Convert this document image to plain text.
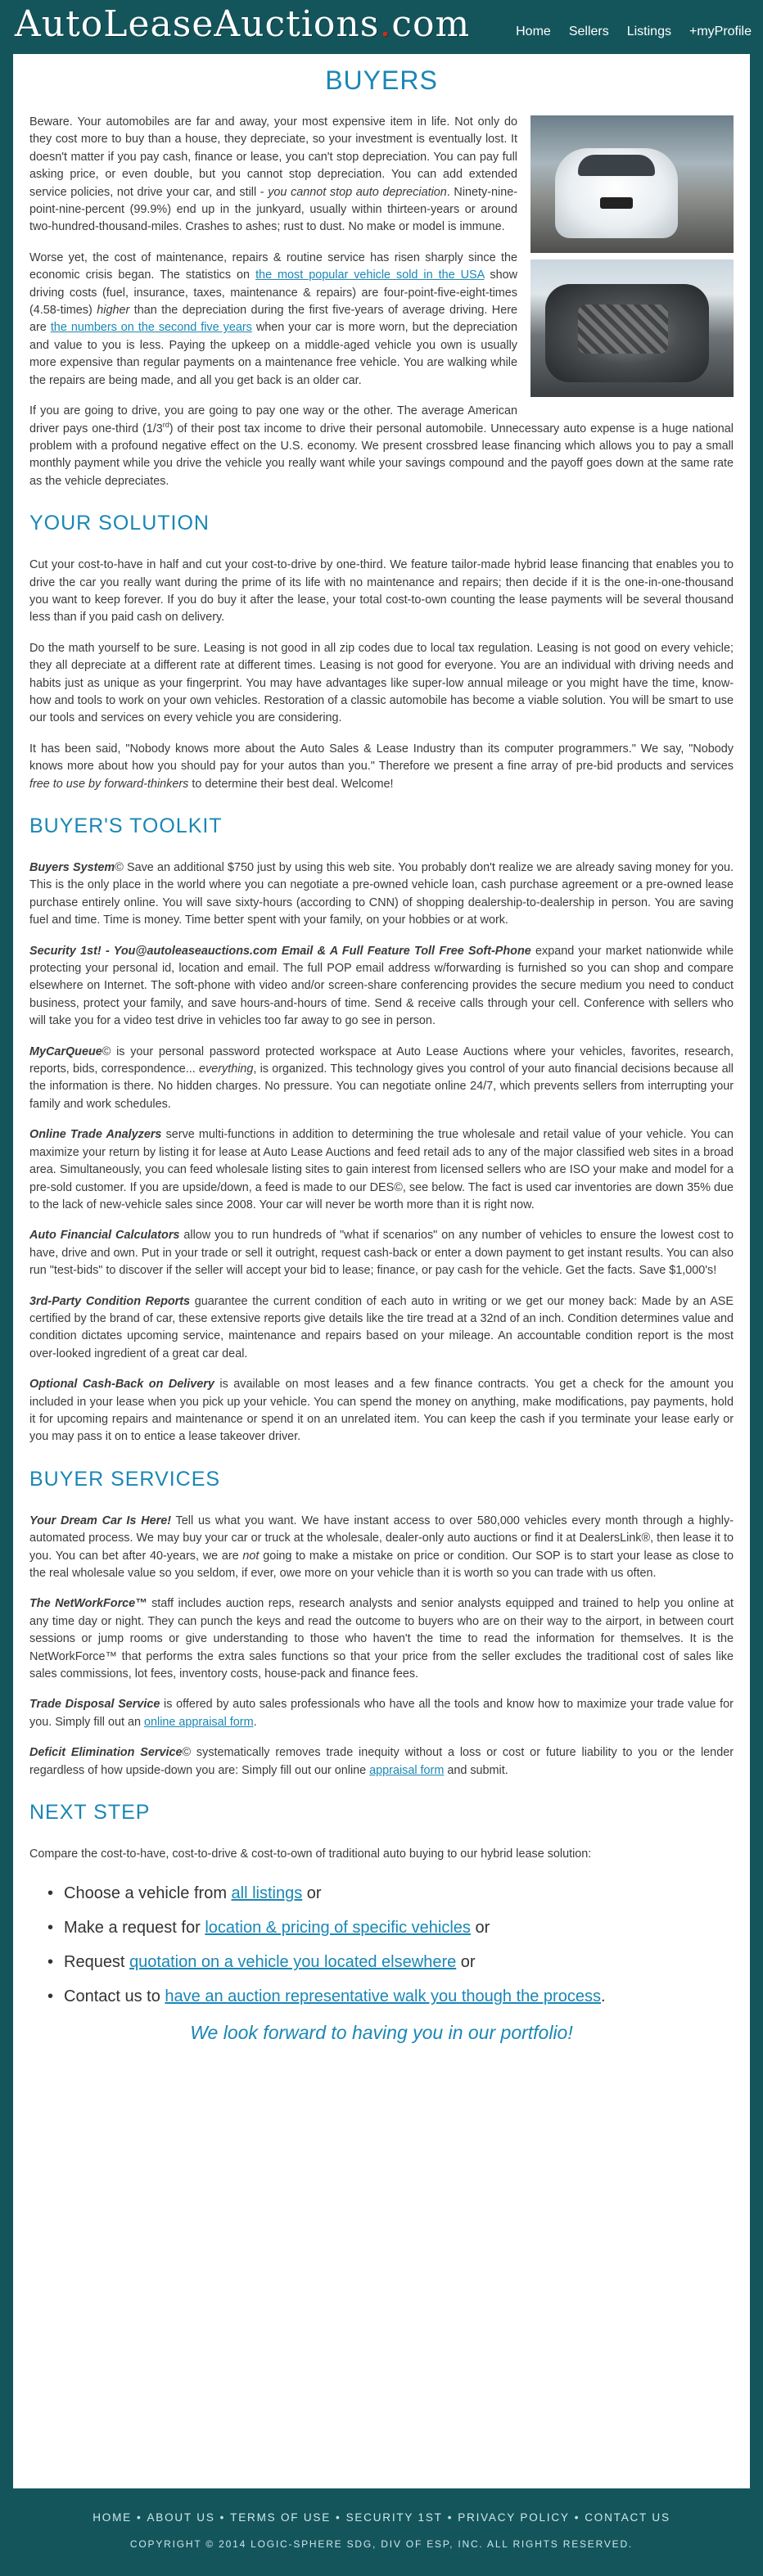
AutoLeaseAuctions.com	Home Sellers Listings +myProfile
BUYERS

Beware. Your automobiles are far and away, your most expensive item in life. Not only do they cost more to buy than a house, they depreciate, so your investment is eventually lost. It doesn't matter if you pay cash, finance or lease, you can't stop depreciation. You can pay full asking price, or even double, but you cannot stop depreciation. You can add extended service policies, not drive your car, and still - you cannot stop auto depreciation. Ninety-nine-point-nine-percent (99.9%) end up in the junkyard, usually within thirteen-years or around two-hundred-thousand-miles. Crashes to ashes; rust to dust. No make or model is immune.

Worse yet, the cost of maintenance, repairs & routine service has risen sharply since the economic crisis began. The statistics on the most popular vehicle sold in the USA show driving costs (fuel, insurance, taxes, maintenance & repairs) are four-point-five-eight-times (4.58-times) higher than the depreciation during the first five-years of average driving. Here are the numbers on the second five years when your car is more worn, but the depreciation and value to you is less. Paying the upkeep on a middle-aged vehicle you own is usually more expensive than regular payments on a maintenance free vehicle. You are walking while the repairs are being made, and all you get back is an older car.

If you are going to drive, you are going to pay one way or the other. The average American driver pays one-third (1/3rd) of their post tax income to drive their personal automobile. Unnecessary auto expense is a huge national problem with a profound negative effect on the U.S. economy. We present crossbred lease financing which allows you to pay a small monthly payment while you drive the vehicle you really want while your savings compound and the payoff goes down at the same rate as the vehicle depreciates.

YOUR SOLUTION

Cut your cost-to-have in half and cut your cost-to-drive by one-third. We feature tailor-made hybrid lease financing that enables you to drive the car you really want during the prime of its life with no maintenance and repairs; then decide if it is the one-in-one-thousand you want to keep forever. If you do buy it after the lease, your total cost-to-own counting the lease payments will be several thousand less than if you paid cash on delivery.

Do the math yourself to be sure. Leasing is not good in all zip codes due to local tax regulation. Leasing is not good on every vehicle; they all depreciate at a different rate at different times. Leasing is not good for everyone. You are an individual with driving needs and habits just as unique as your fingerprint. You may have advantages like super-low annual mileage or you might have the time, know-how and tools to work on your own vehicles. Restoration of a classic automobile has become a viable solution. You will be smart to use our tools and services on every vehicle you are considering.

It has been said, "Nobody knows more about the Auto Sales & Lease Industry than its computer programmers." We say, "Nobody knows more about how you should pay for your autos than you." Therefore we present a fine array of pre-bid products and services free to use by forward-thinkers to determine their best deal. Welcome!

BUYER'S TOOLKIT

Buyers System© Save an additional $750 just by using this web site. You probably don't realize we are already saving money for you. This is the only place in the world where you can negotiate a pre-owned vehicle loan, cash purchase agreement or a pre-owned lease purchase entirely online. You will save sixty-hours (according to CNN) of shopping dealership-to-dealership in person. You are saving fuel and time. Time is money. Time better spent with your family, on your hobbies or at work.

Security 1st! - You@autoleaseauctions.com Email & A Full Feature Toll Free Soft-Phone expand your market nationwide while protecting your personal id, location and email. The full POP email address w/forwarding is furnished so you can shop and compare elsewhere on Internet. The soft-phone with video and/or screen-share conferencing provides the secure medium you need to conduct business, protect your family, and save hours-and-hours of time. Send & receive calls through your cell. Conference with sellers who will take you for a video test drive in vehicles too far away to go see in person.

MyCarQueue© is your personal password protected workspace at Auto Lease Auctions where your vehicles, favorites, research, reports, bids, correspondence... everything, is organized. This technology gives you control of your auto financial decisions because all the information is there. No hidden charges. No pressure. You can negotiate online 24/7, which prevents sellers from interrupting your family and work schedules.

Online Trade Analyzers serve multi-functions in addition to determining the true wholesale and retail value of your vehicle. You can maximize your return by listing it for lease at Auto Lease Auctions and feed retail ads to any of the major classified web sites in a broad area. Simultaneously, you can feed wholesale listing sites to gain interest from licensed sellers who are ISO your make and model for a pre-sold customer. If you are upside/down, a feed is made to our DES©, see below. The fact is used car inventories are down 35% due to the lack of new-vehicle sales since 2008. Your car will never be worth more than it is right now.

Auto Financial Calculators allow you to run hundreds of "what if scenarios" on any number of vehicles to ensure the lowest cost to have, drive and own. Put in your trade or sell it outright, request cash-back or enter a down payment to get instant results. You can also run "test-bids" to discover if the seller will accept your bid to lease; finance, or pay cash for the vehicle. Get the facts. Save $1,000's!

3rd-Party Condition Reports guarantee the current condition of each auto in writing or we get our money back: Made by an ASE certified by the brand of car, these extensive reports give details like the tire tread at a 32nd of an inch. Condition determines value and condition dictates upcoming service, maintenance and repairs based on your mileage. An accountable condition report is the most over-looked ingredient of a great car deal.

Optional Cash-Back on Delivery is available on most leases and a few finance contracts. You get a check for the amount you included in your lease when you pick up your vehicle. You can spend the money on anything, make modifications, pay payments, hold it for upcoming repairs and maintenance or spend it on an unrelated item. You can keep the cash if you terminate your lease early or you may pass it on to entice a lease takeover driver.

BUYER SERVICES

Your Dream Car Is Here! Tell us what you want. We have instant access to over 580,000 vehicles every month through a highly-automated process. We may buy your car or truck at the wholesale, dealer-only auto auctions or find it at DealersLink®, then lease it to you. You can bet after 40-years, we are not going to make a mistake on price or condition. Our SOP is to start your lease as close to the real wholesale value so you seldom, if ever, owe more on your vehicle than it is worth so you can trade with us often.

The NetWorkForce™ staff includes auction reps, research analysts and senior analysts equipped and trained to help you online at any time day or night. They can punch the keys and read the outcome to buyers who are on their way to the airport, in between court sessions or jump rooms or give understanding to those who haven't the time to read the information for themselves. It is the NetWorkForce™ that performs the extra sales functions so that your price from the seller excludes the traditional cost of sales like sales commissions, lot fees, inventory costs, house-pack and finance fees.

Trade Disposal Service is offered by auto sales professionals who have all the tools and know how to maximize your trade value for you. Simply fill out an online appraisal form.

Deficit Elimination Service© systematically removes trade inequity without a loss or cost or future liability to you or the lender regardless of how upside-down you are: Simply fill out our online appraisal form and submit.

NEXT STEP

Compare the cost-to-have, cost-to-drive & cost-to-own of traditional auto buying to our hybrid lease solution:

• Choose a vehicle from all listings or
• Make a request for location & pricing of specific vehicles or
• Request quotation on a vehicle you located elsewhere or
• Contact us to have an auction representative walk you though the process.
We look forward to having you in our portfolio!
HOME • ABOUT US • TERMS OF USE • SECURITY 1ST • PRIVACY POLICY • CONTACT US
COPYRIGHT © 2014 LOGIC-SPHERE SDG, DIV OF ESP, INC. ALL RIGHTS RESERVED.
